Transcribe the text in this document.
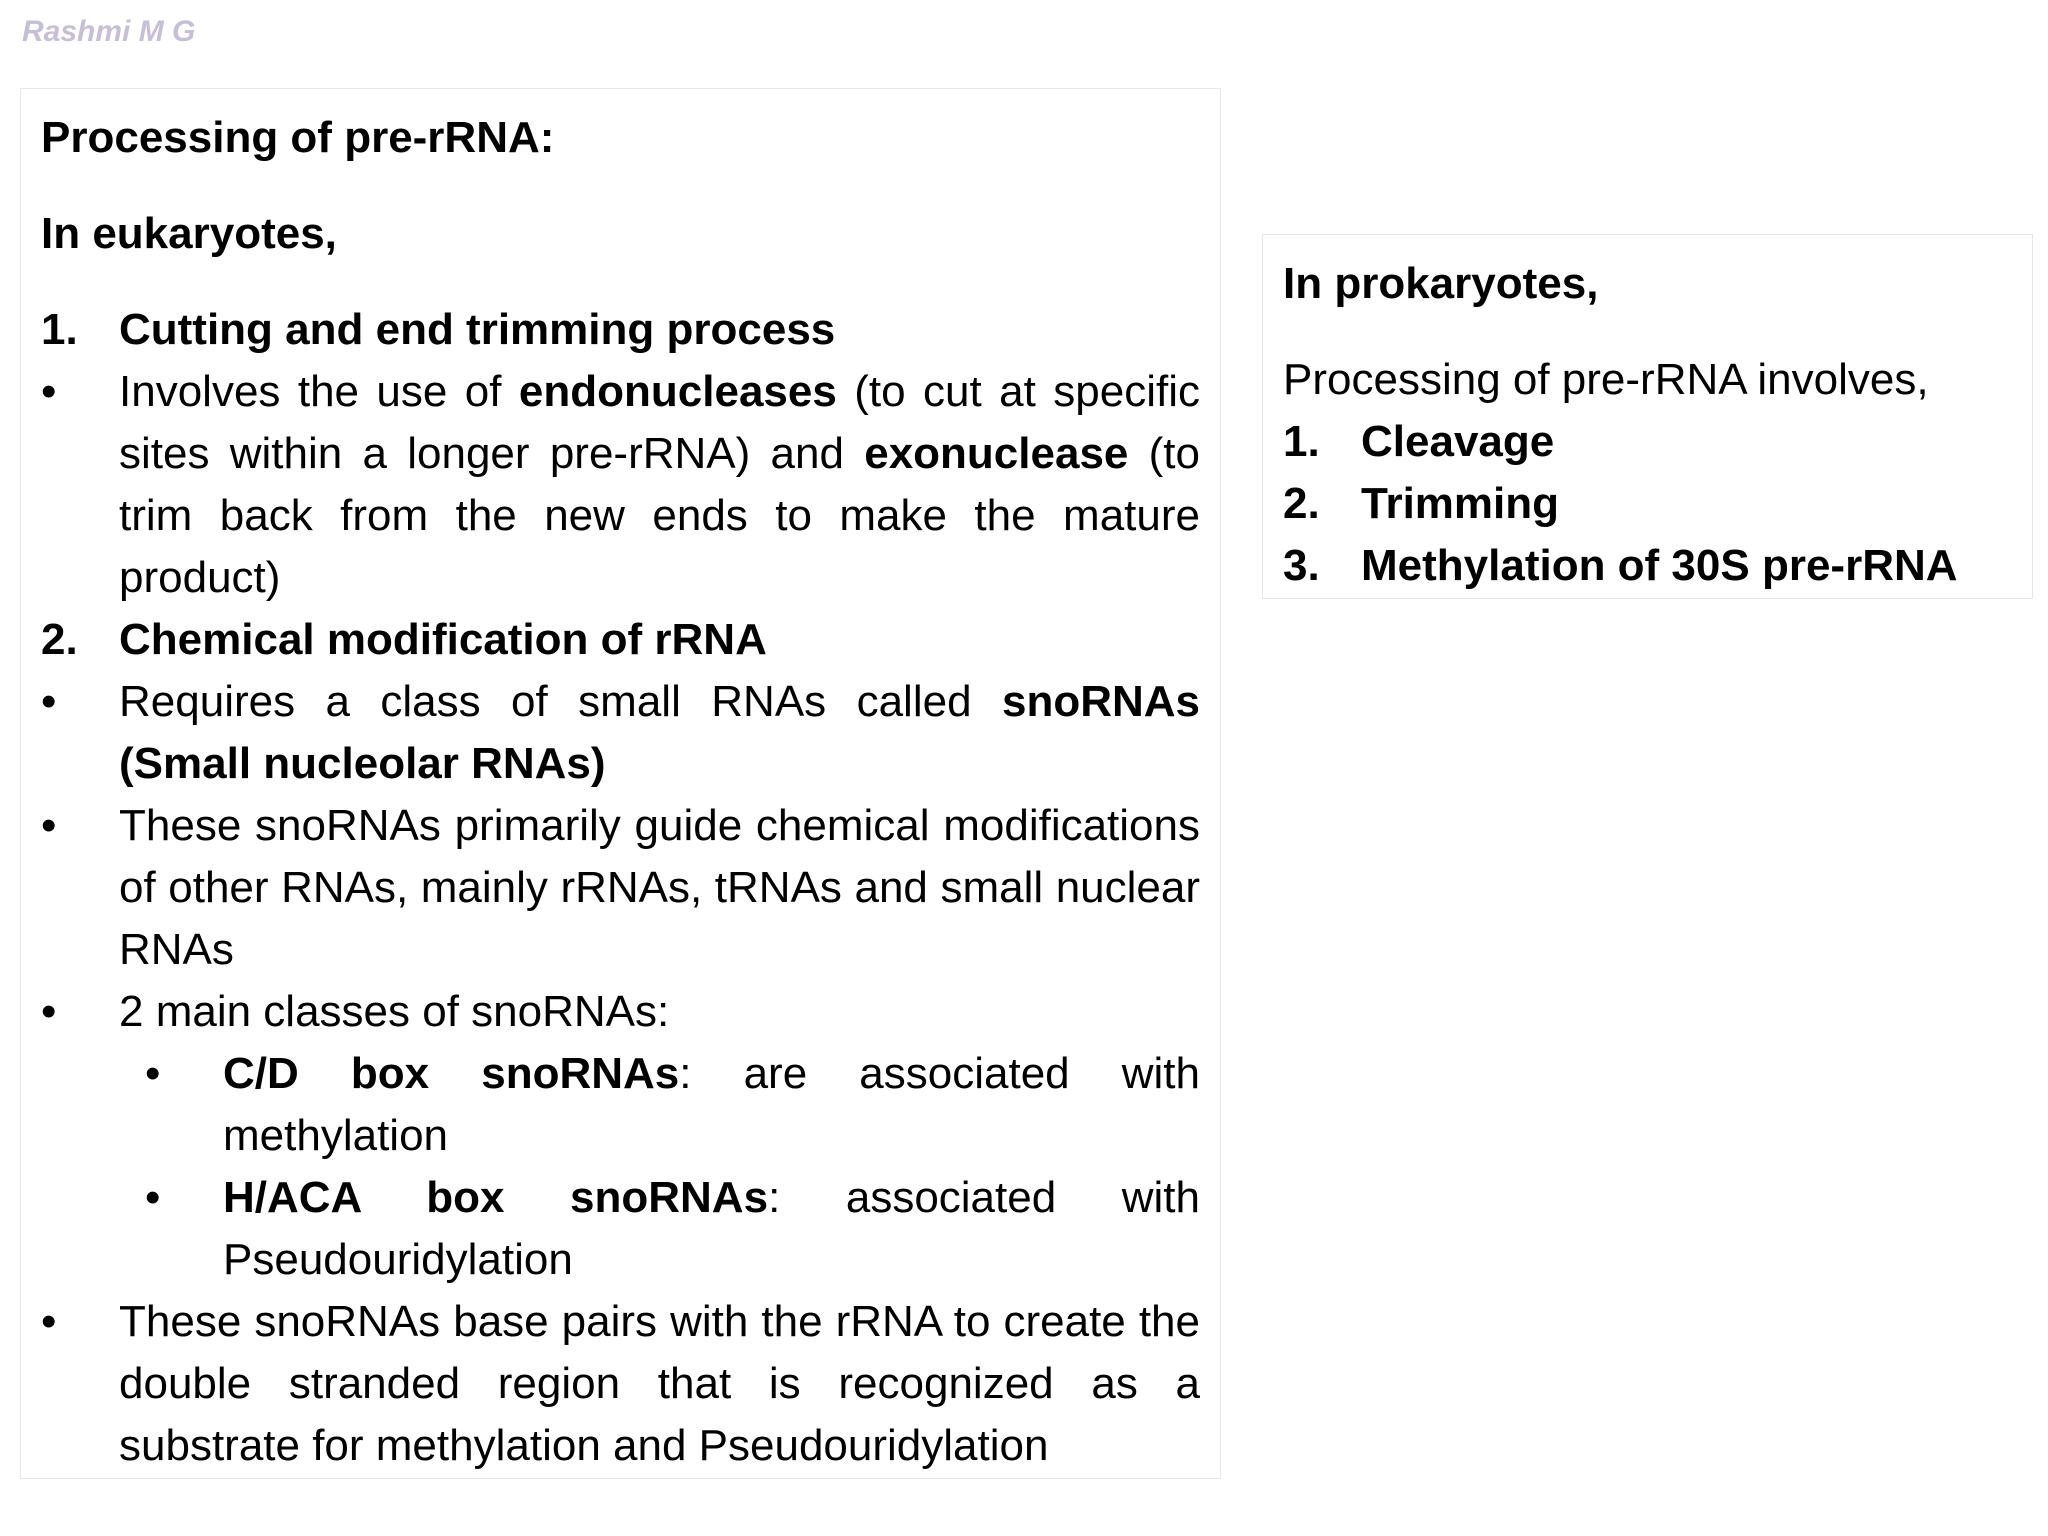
Rashmi M G
Processing of pre-rRNA:
In eukaryotes,
1. Cutting and end trimming process
•	Involves the use of endonucleases (to cut at specific sites within a longer pre-rRNA) and exonuclease (to trim back from the new ends to make the mature product)
2. Chemical modification of rRNA
•	Requires a class of small RNAs called snoRNAs (Small nucleolar RNAs)
•	These snoRNAs primarily guide chemical modifications of other RNAs, mainly rRNAs, tRNAs and small nuclear RNAs
•	2 main classes of snoRNAs:
•	C/D box snoRNAs: are associated with methylation
•	H/ACA box snoRNAs: associated with Pseudouridylation
•	These snoRNAs base pairs with the rRNA to create the double stranded region that is recognized as a substrate for methylation and Pseudouridylation
In prokaryotes,
Processing of pre-rRNA involves,
1. Cleavage
2. Trimming
3. Methylation of 30S pre-rRNA
